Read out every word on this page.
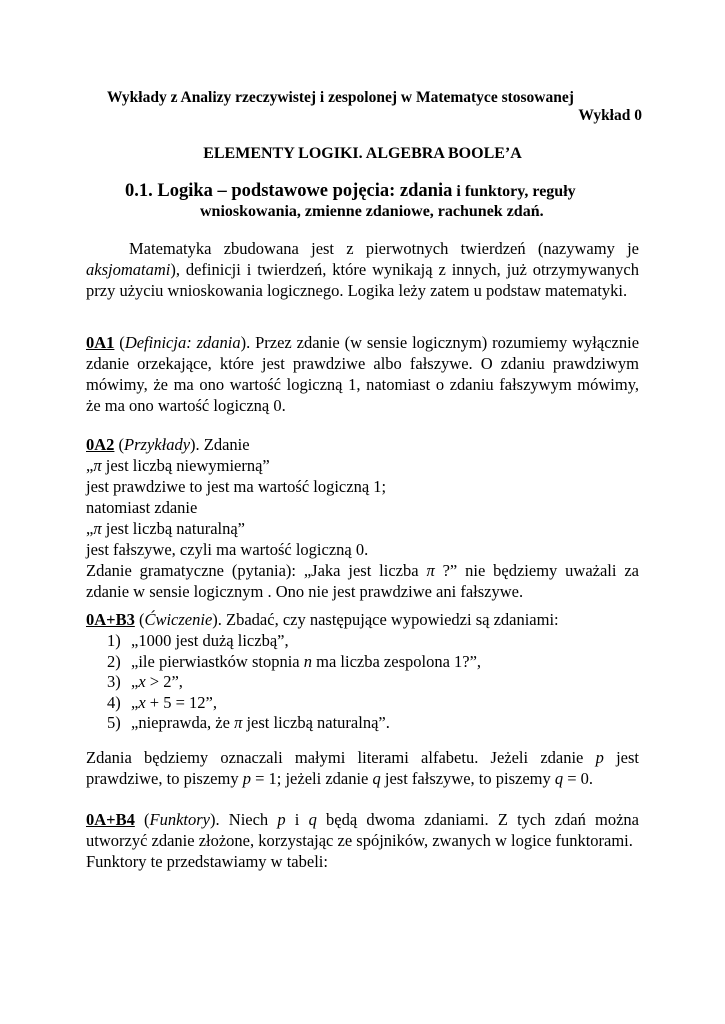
Wykłady z Analizy rzeczywistej i zespolonej w Matematyce stosowanej
Wykład 0
ELEMENTY LOGIKI. ALGEBRA BOOLE’A
0.1. Logika – podstawowe pojęcia: zdania i funktory, reguły
wnioskowania, zmienne zdaniowe, rachunek zdań.
Matematyka zbudowana jest z pierwotnych twierdzeń (nazywamy je aksjomatami), definicji i twierdzeń, które wynikają z innych, już otrzymywanych przy użyciu wnioskowania logicznego. Logika leży zatem u podstaw matematyki.
0A1 (Definicja: zdania). Przez zdanie (w sensie logicznym) rozumiemy wyłącznie zdanie orzekające, które jest prawdziwe albo fałszywe. O zdaniu prawdziwym mówimy, że ma ono wartość logiczną 1, natomiast o zdaniu fałszywym mówimy, że ma ono wartość logiczną 0.
0A2 (Przykłady). Zdanie
„π jest liczbą niewymierną”
jest prawdziwe to jest ma wartość logiczną 1;
natomiast zdanie
„π jest liczbą naturalną”
jest fałszywe, czyli ma wartość logiczną 0.
Zdanie gramatyczne (pytania): „Jaka jest liczba π ?” nie będziemy uważali za zdanie w sensie logicznym . Ono nie jest prawdziwe ani fałszywe.
0A+B3 (Ćwiczenie). Zbadać, czy następujące wypowiedzi są zdaniami:
1) „1000 jest dużą liczbą”,
2) „ile pierwiastków stopnia n ma liczba zespolona 1?”,
3) „x > 2”,
4) „x + 5 = 12”,
5) „nieprawda, że π jest liczbą naturalną”.
Zdania będziemy oznaczali małymi literami alfabetu. Jeżeli zdanie p jest prawdziwe, to piszemy p = 1; jeżeli zdanie q jest fałszywe, to piszemy q = 0.
0A+B4 (Funktory). Niech p i q będą dwoma zdaniami. Z tych zdań można utworzyć zdanie złożone, korzystając ze spójników, zwanych w logice funktorami.
Funktory te przedstawiamy w tabeli:
